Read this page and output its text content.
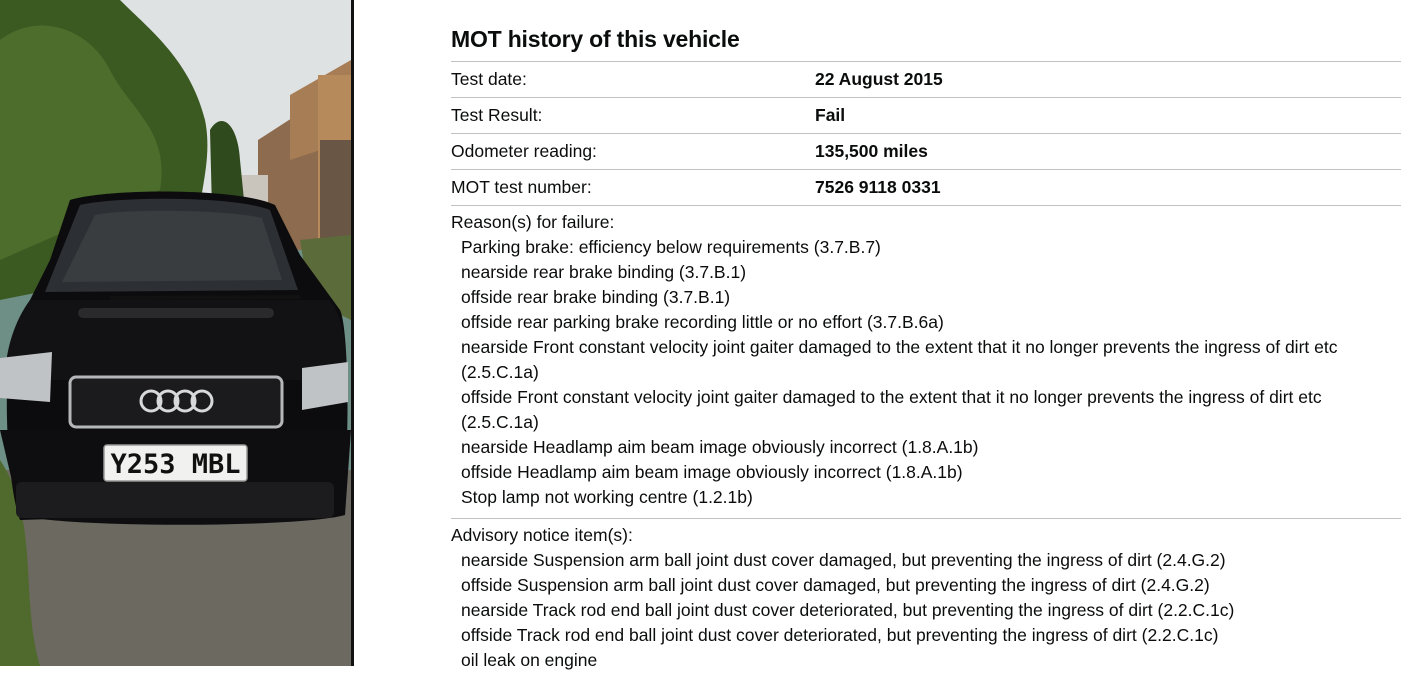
Y253 MBL
MOT history of this vehicle
Test date:	22 August 2015
Test Result:	Fail
Odometer reading:	135,500 miles
MOT test number:	7526 9118 0331
Reason(s) for failure:
Parking brake: efficiency below requirements (3.7.B.7)
nearside rear brake binding (3.7.B.1)
offside rear brake binding (3.7.B.1)
offside rear parking brake recording little or no effort (3.7.B.6a)
nearside Front constant velocity joint gaiter damaged to the extent that it no longer prevents the ingress of dirt etc (2.5.C.1a)
offside Front constant velocity joint gaiter damaged to the extent that it no longer prevents the ingress of dirt etc (2.5.C.1a)
nearside Headlamp aim beam image obviously incorrect (1.8.A.1b)
offside Headlamp aim beam image obviously incorrect (1.8.A.1b)
Stop lamp not working centre (1.2.1b)
Advisory notice item(s):
nearside Suspension arm ball joint dust cover damaged, but preventing the ingress of dirt (2.4.G.2)
offside Suspension arm ball joint dust cover damaged, but preventing the ingress of dirt (2.4.G.2)
nearside Track rod end ball joint dust cover deteriorated, but preventing the ingress of dirt (2.2.C.1c)
offside Track rod end ball joint dust cover deteriorated, but preventing the ingress of dirt (2.2.C.1c)
oil leak on engine
